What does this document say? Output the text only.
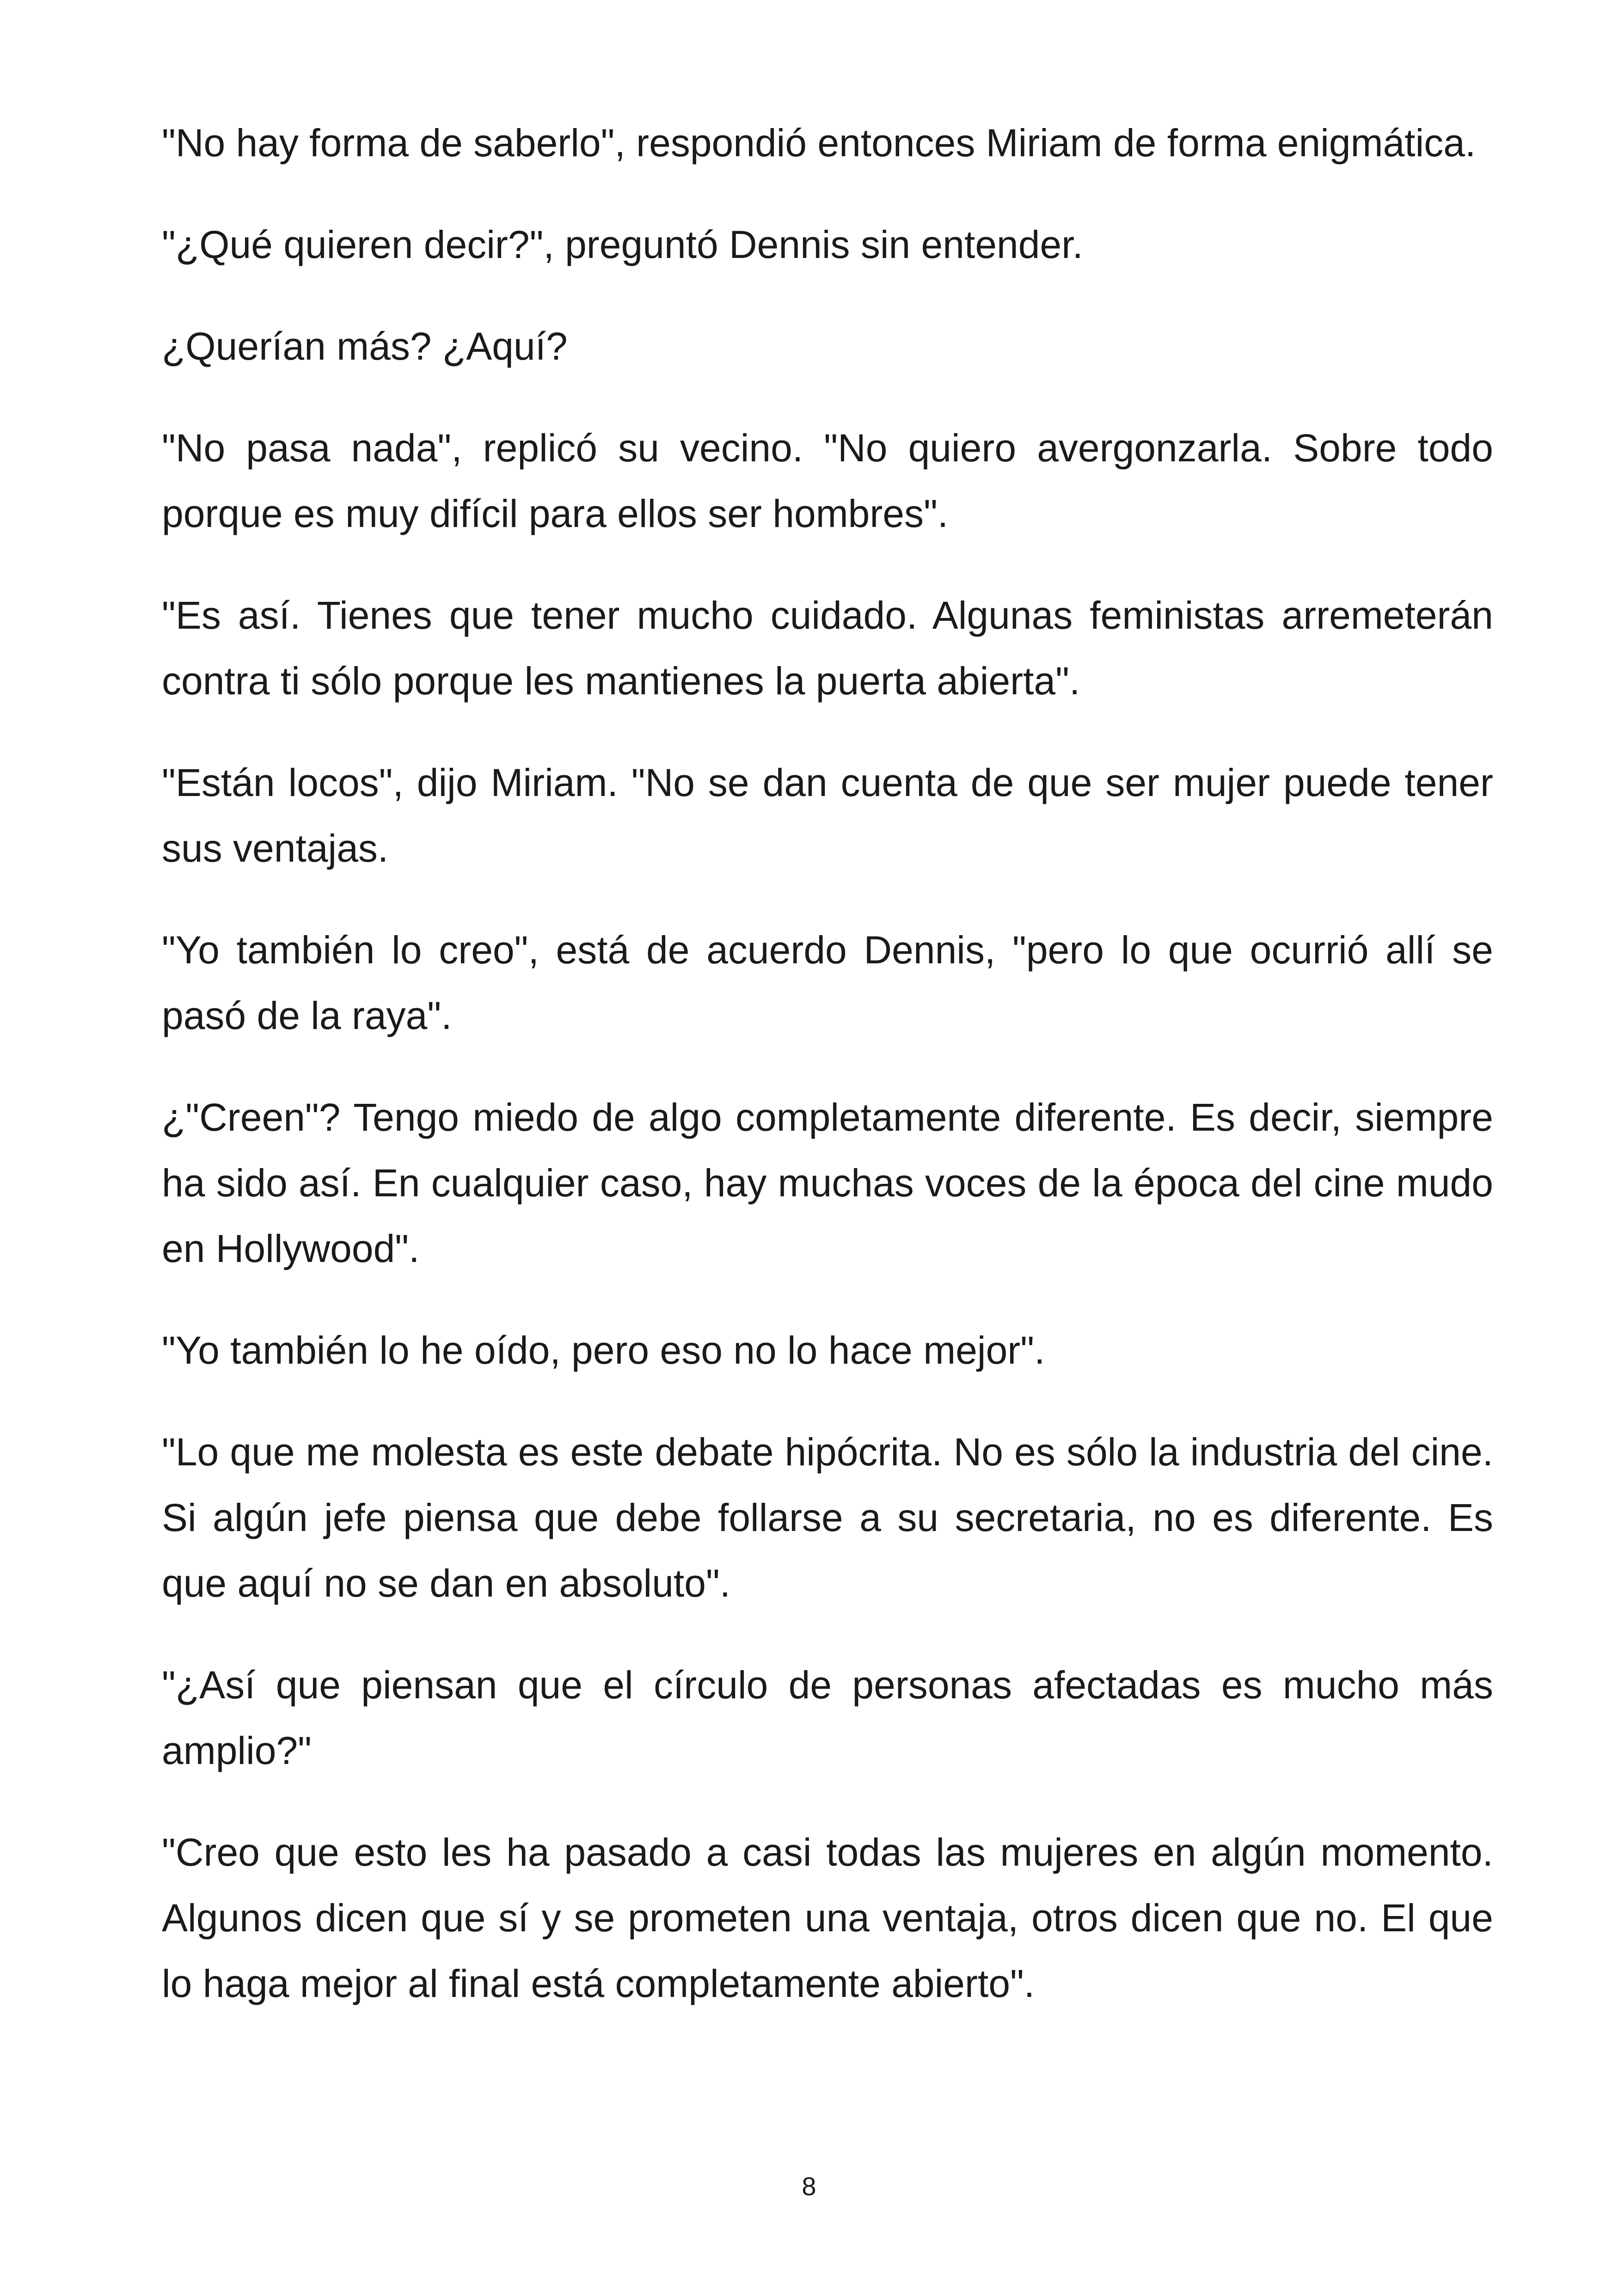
"No hay forma de saberlo", respondió entonces Miriam de forma enigmática.

"¿Qué quieren decir?", preguntó Dennis sin entender.

¿Querían más? ¿Aquí?

"No pasa nada", replicó su vecino. "No quiero avergonzarla. Sobre todo porque es muy difícil para ellos ser hombres".

"Es así. Tienes que tener mucho cuidado. Algunas feministas arremeterán contra ti sólo porque les mantienes la puerta abierta".

"Están locos", dijo Miriam. "No se dan cuenta de que ser mujer puede tener sus ventajas.

"Yo también lo creo", está de acuerdo Dennis, "pero lo que ocurrió allí se pasó de la raya".

¿"Creen"? Tengo miedo de algo completamente diferente. Es decir, siempre ha sido así. En cualquier caso, hay muchas voces de la época del cine mudo en Hollywood".

"Yo también lo he oído, pero eso no lo hace mejor".

"Lo que me molesta es este debate hipócrita. No es sólo la industria del cine. Si algún jefe piensa que debe follarse a su secretaria, no es diferente. Es que aquí no se dan en absoluto".

"¿Así que piensan que el círculo de personas afectadas es mucho más amplio?"

"Creo que esto les ha pasado a casi todas las mujeres en algún momento. Algunos dicen que sí y se prometen una ventaja, otros dicen que no. El que lo haga mejor al final está completamente abierto".

8
